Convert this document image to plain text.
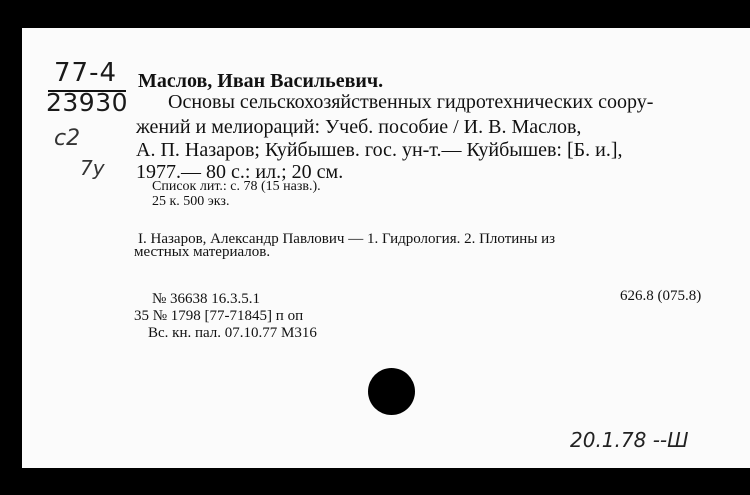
77-4
23930
c2
7y
Маслов, Иван Васильевич.
Основы сельскохозяйственных гидротехнических соору-
жений и мелиораций: Учеб. пособие / И. В. Маслов,
А. П. Назаров; Куйбышев. гос. ун-т.— Куйбышев: [Б. и.],
1977.— 80 с.: ил.; 20 см.
Список лит.: с. 78 (15 назв.).
25 к. 500 экз.
I. Назаров, Александр Павлович — 1. Гидрология. 2. Плотины из
местных материалов.
№ 36638 16.3.5.1	626.8 (075.8)
35 № 1798 [77-71845] п оп
Вс. кн. пал. 07.10.77 М316
20.1.78 --Ш
